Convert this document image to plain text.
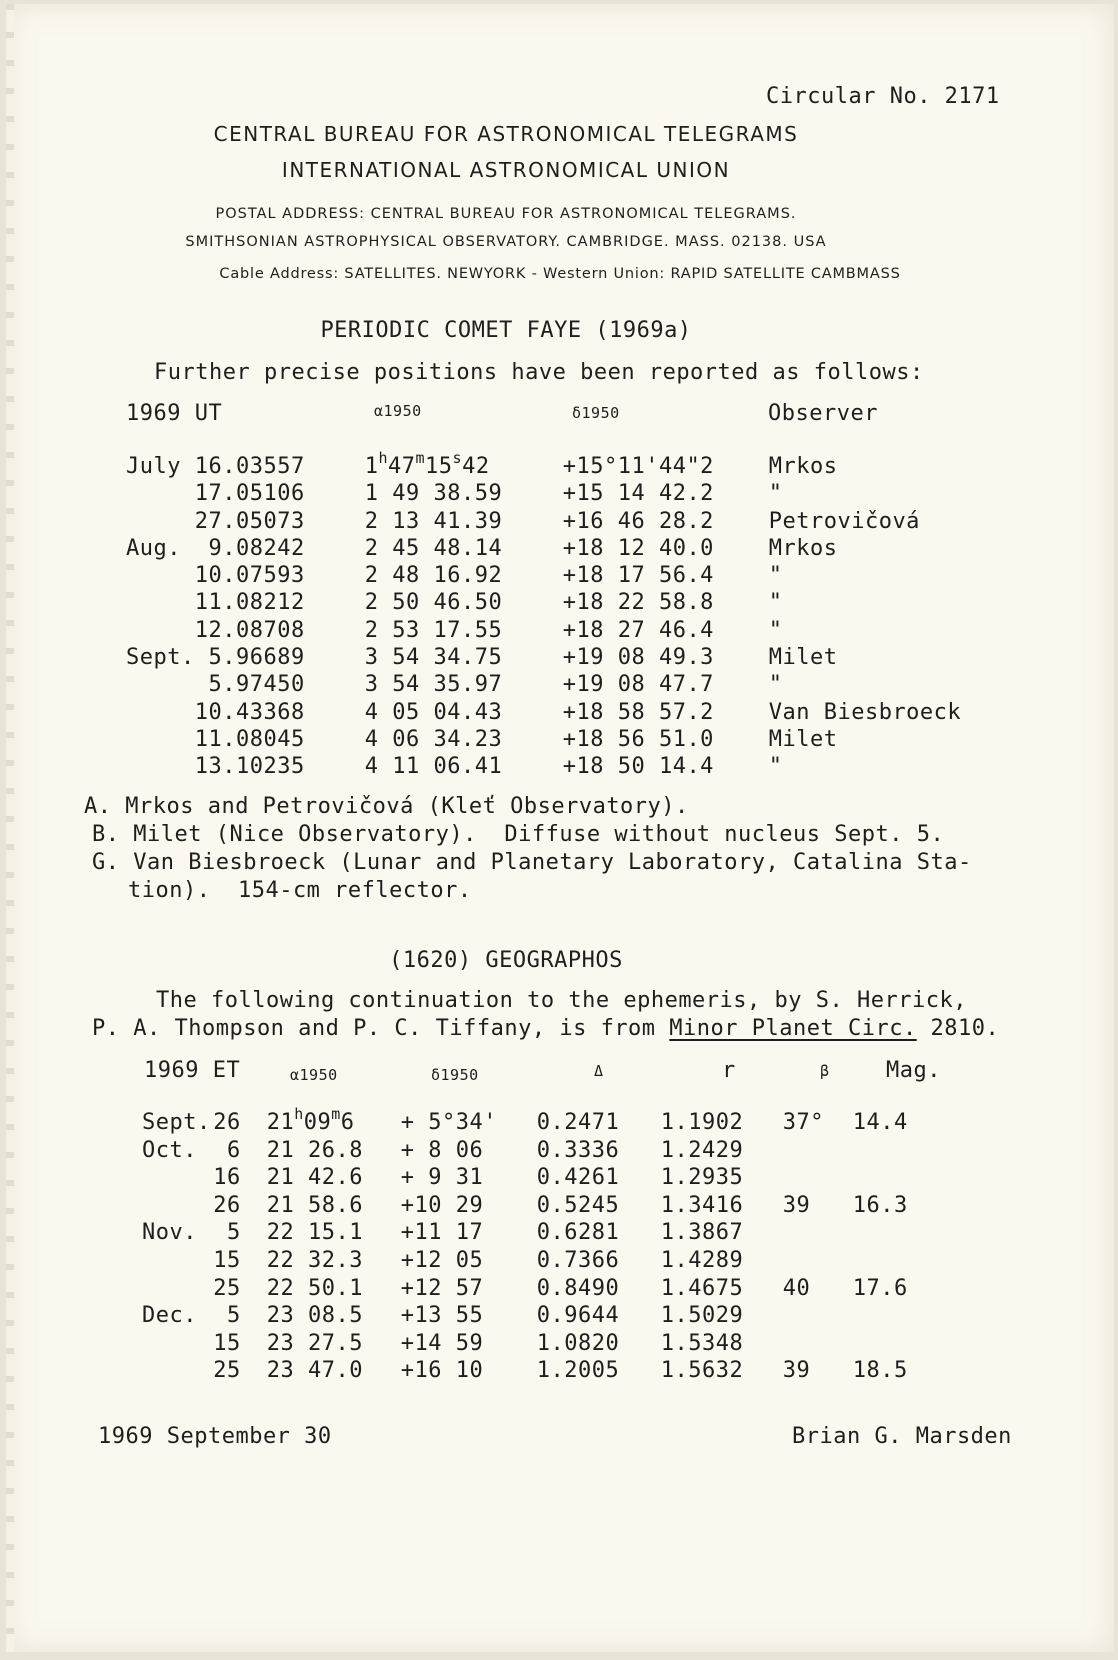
Circular No. 2171
CENTRAL BUREAU FOR ASTRONOMICAL TELEGRAMS
INTERNATIONAL ASTRONOMICAL UNION
POSTAL ADDRESS: CENTRAL BUREAU FOR ASTRONOMICAL TELEGRAMS.
SMITHSONIAN ASTROPHYSICAL OBSERVATORY. CAMBRIDGE. MASS. 02138. USA
Cable Address: SATELLITES. NEWYORK - Western Union: RAPID SATELLITE CAMBMASS
PERIODIC COMET FAYE (1969a)
Further precise positions have been reported as follows:
1969 UT	α1950	δ1950	Observer
July	16.03557		$1^h47^m15^s42$	+15°11'44"2	Mrkos
	17.05106		1 49 38.59	+15 14 42.2	"
	27.05073		2 13 41.39	+16 46 28.2	Petrovičová
Aug.	9.08242		2 45 48.14	+18 12 40.0	Mrkos
	10.07593		2 48 16.92	+18 17 56.4	"
	11.08212		2 50 46.50	+18 22 58.8	"
	12.08708		2 53 17.55	+18 27 46.4	"
Sept.	5.96689		3 54 34.75	+19 08 49.3	Milet
	5.97450		3 54 35.97	+19 08 47.7	"
	10.43368		4 05 04.43	+18 58 57.2	Van Biesbroeck
	11.08045		4 06 34.23	+18 56 51.0	Milet
	13.10235		4 11 06.41	+18 50 14.4	"
A. Mrkos and Petrovičová (Kleť Observatory).
B. Milet (Nice Observatory).  Diffuse without nucleus Sept. 5.
G. Van Biesbroeck (Lunar and Planetary Laboratory, Catalina Sta-
tion).  154-cm reflector.
(1620) GEOGRAPHOS
The following continuation to the ephemeris, by S. Herrick,
P. A. Thompson and P. C. Tiffany, is from Minor Planet Circ. 2810.
1969 ET	α1950	δ1950	Δ	r	β	Mag.
Sept.	26		$21^h09^m6$	+ 5°34'	0.2471	1.1902	37°	14.4
Oct.	6		21 26.8	+ 8 06	0.3336	1.2429		
	16		21 42.6	+ 9 31	0.4261	1.2935		
	26		21 58.6	+10 29	0.5245	1.3416	39	16.3
Nov.	5		22 15.1	+11 17	0.6281	1.3867		
	15		22 32.3	+12 05	0.7366	1.4289		
	25		22 50.1	+12 57	0.8490	1.4675	40	17.6
Dec.	5		23 08.5	+13 55	0.9644	1.5029		
	15		23 27.5	+14 59	1.0820	1.5348		
	25		23 47.0	+16 10	1.2005	1.5632	39	18.5
1969 September 30	Brian G. Marsden
